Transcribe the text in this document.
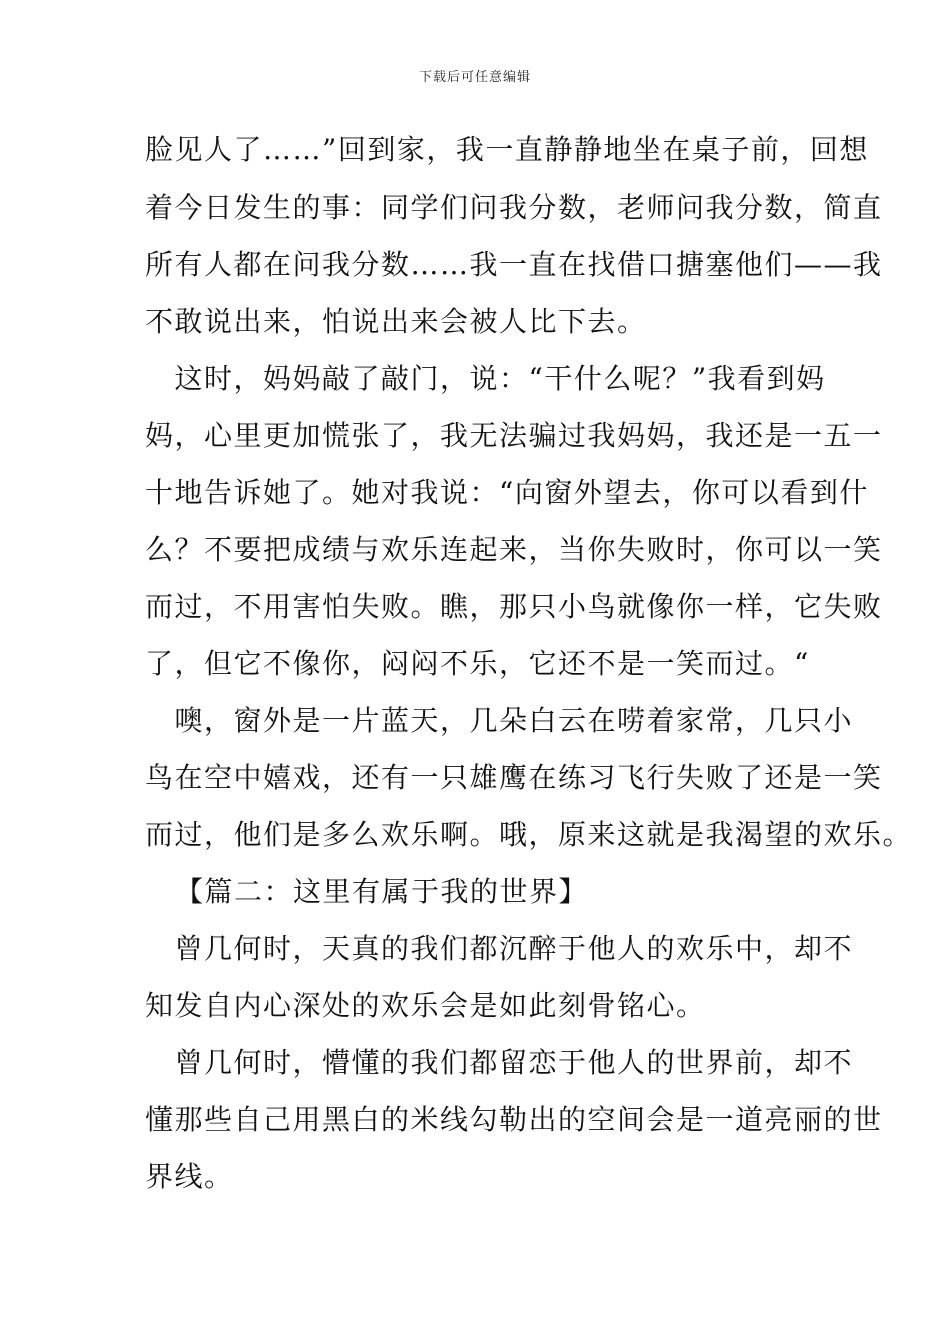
下载后可任意编辑
脸见人了……”回到家，我一直静静地坐在桌子前，回想
着今日发生的事：同学们问我分数，老师问我分数，简直
所有人都在问我分数……我一直在找借口搪塞他们——我
不敢说出来，怕说出来会被人比下去。
　这时，妈妈敲了敲门，说：“干什么呢？”我看到妈
妈，心里更加慌张了，我无法骗过我妈妈，我还是一五一
十地告诉她了。她对我说：“向窗外望去，你可以看到什
么？不要把成绩与欢乐连起来，当你失败时，你可以一笑
而过，不用害怕失败。瞧，那只小鸟就像你一样，它失败
了，但它不像你，闷闷不乐，它还不是一笑而过。“
　噢，窗外是一片蓝天，几朵白云在唠着家常，几只小
鸟在空中嬉戏，还有一只雄鹰在练习飞行失败了还是一笑
而过，他们是多么欢乐啊。哦，原来这就是我渴望的欢乐。
【篇二：这里有属于我的世界】
　曾几何时，天真的我们都沉醉于他人的欢乐中，却不
知发自内心深处的欢乐会是如此刻骨铭心。
　曾几何时，懵懂的我们都留恋于他人的世界前，却不
懂那些自己用黑白的米线勾勒出的空间会是一道亮丽的世
界线。
